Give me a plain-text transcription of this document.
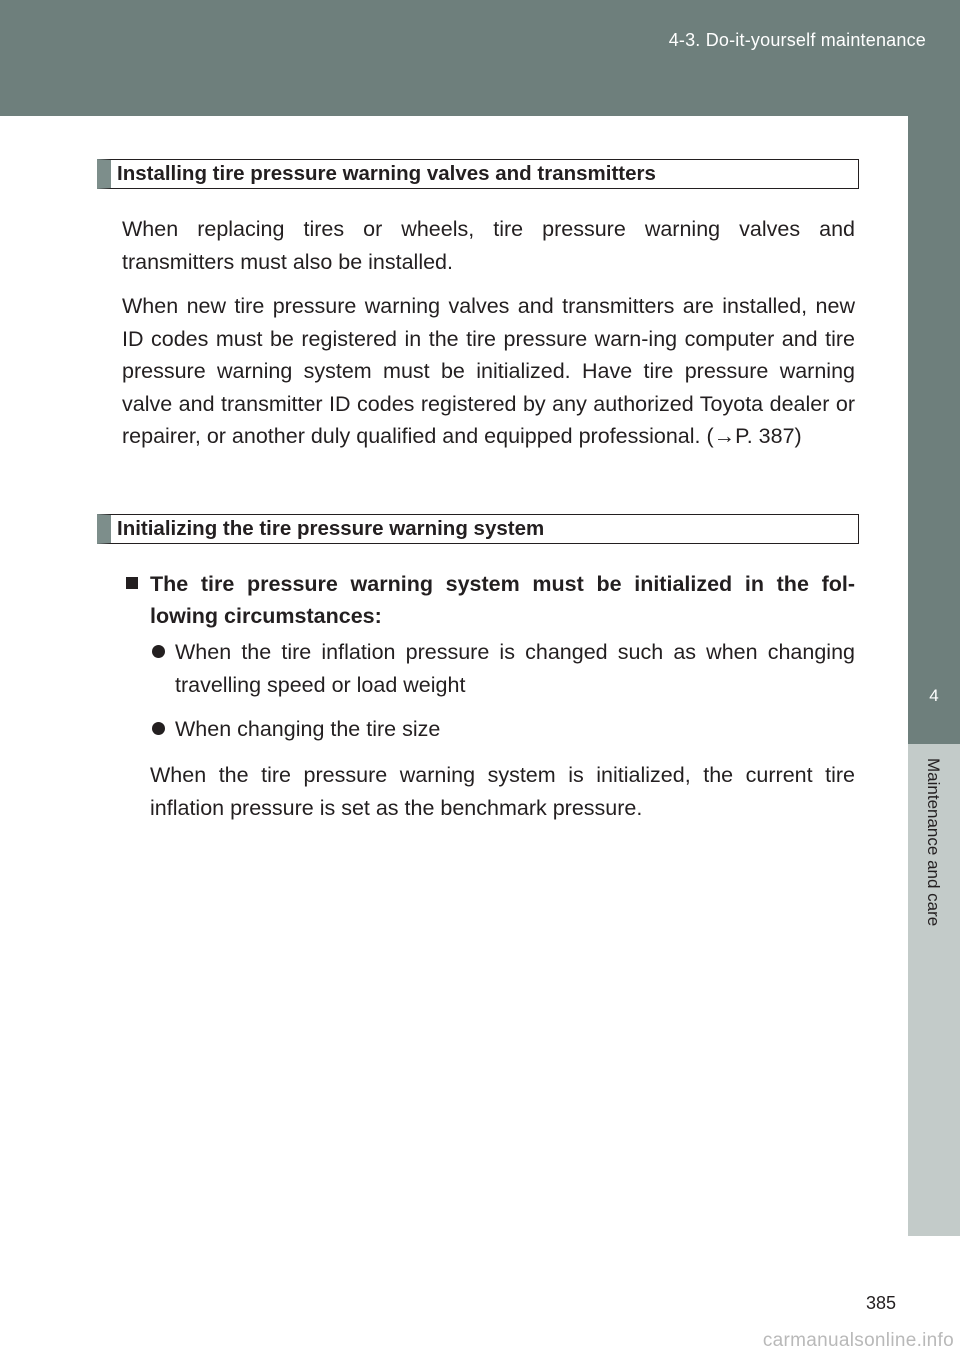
4-3. Do-it-yourself maintenance
4
Maintenance and care
Installing tire pressure warning valves and transmitters
When replacing tires or wheels, tire pressure warning valves and transmitters must also be installed.
When new tire pressure warning valves and transmitters are installed, new ID codes must be registered in the tire pressure warn-ing computer and tire pressure warning system must be initialized. Have tire pressure warning valve and transmitter ID codes registered by any authorized Toyota dealer or repairer, or another duly qualified and equipped professional. (→P. 387)
Initializing the tire pressure warning system
The tire pressure warning system must be initialized in the fol-lowing circumstances:
When the tire inflation pressure is changed such as when changing travelling speed or load weight
When changing the tire size
When the tire pressure warning system is initialized, the current tire inflation pressure is set as the benchmark pressure.
385
carmanualsonline.info
